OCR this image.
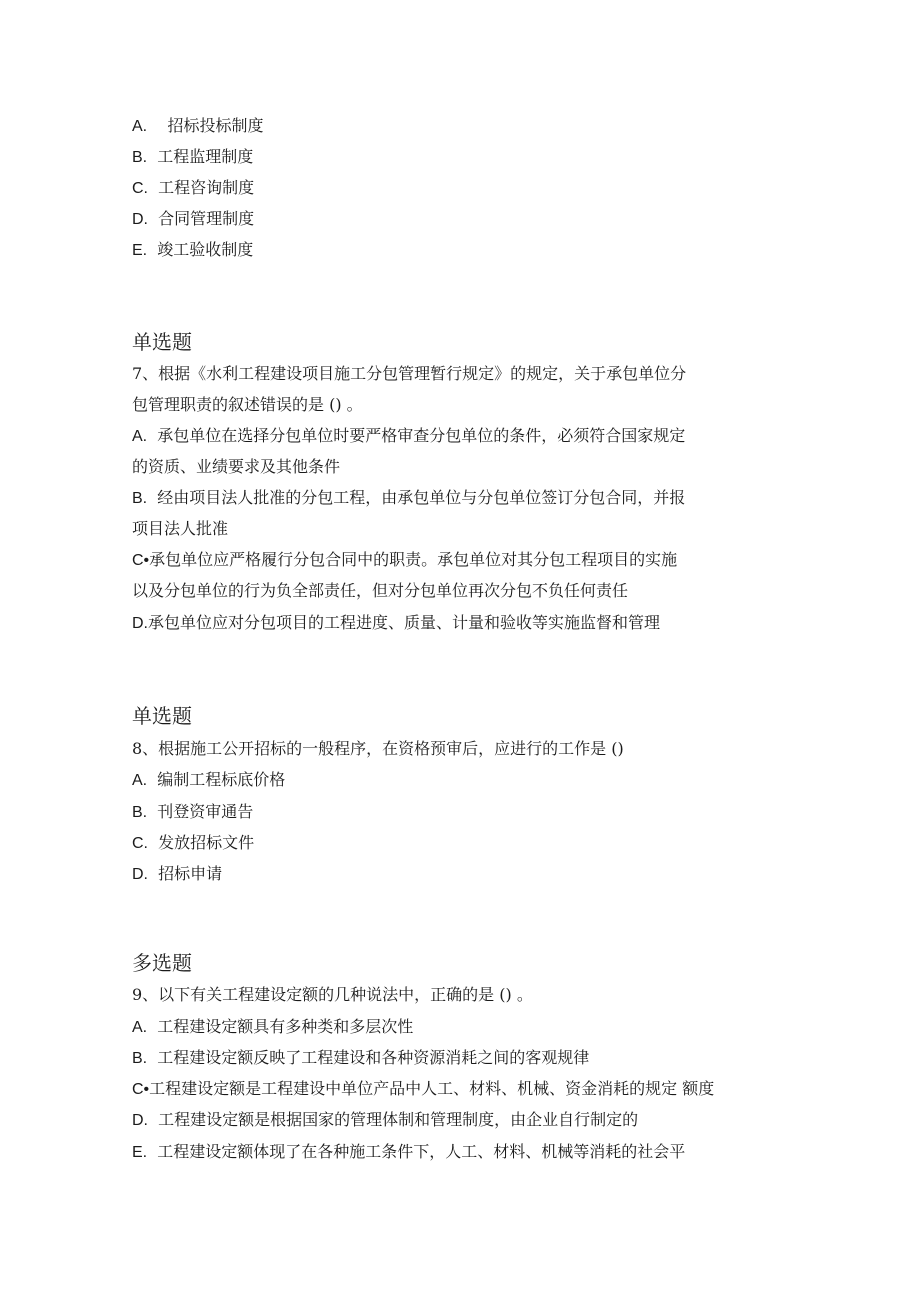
A. 招标投标制度
B. 工程监理制度
C. 工程咨询制度
D. 合同管理制度
E. 竣工验收制度
单选题
7、根据《水利工程建设项目施工分包管理暂行规定》的规定，关于承包单位分
包管理职责的叙述错误的是 () 。
A. 承包单位在选择分包单位时要严格审查分包单位的条件，必须符合国家规定
的资质、业绩要求及其他条件
B. 经由项目法人批准的分包工程，由承包单位与分包单位签订分包合同，并报
项目法人批准
C•承包单位应严格履行分包合同中的职责。承包单位对其分包工程项目的实施
以及分包单位的行为负全部责任，但对分包单位再次分包不负任何责任
D.承包单位应对分包项目的工程进度、质量、计量和验收等实施监督和管理
单选题
8、根据施工公开招标的一般程序，在资格预审后，应进行的工作是 ()
A. 编制工程标底价格
B. 刊登资审通告
C. 发放招标文件
D. 招标申请
多选题
9、以下有关工程建设定额的几种说法中，正确的是 () 。
A. 工程建设定额具有多种类和多层次性
B. 工程建设定额反映了工程建设和各种资源消耗之间的客观规律
C•工程建设定额是工程建设中单位产品中人工、材料、机械、资金消耗的规定 额度
D. 工程建设定额是根据国家的管理体制和管理制度，由企业自行制定的
E. 工程建设定额体现了在各种施工条件下，人工、材料、机械等消耗的社会平
